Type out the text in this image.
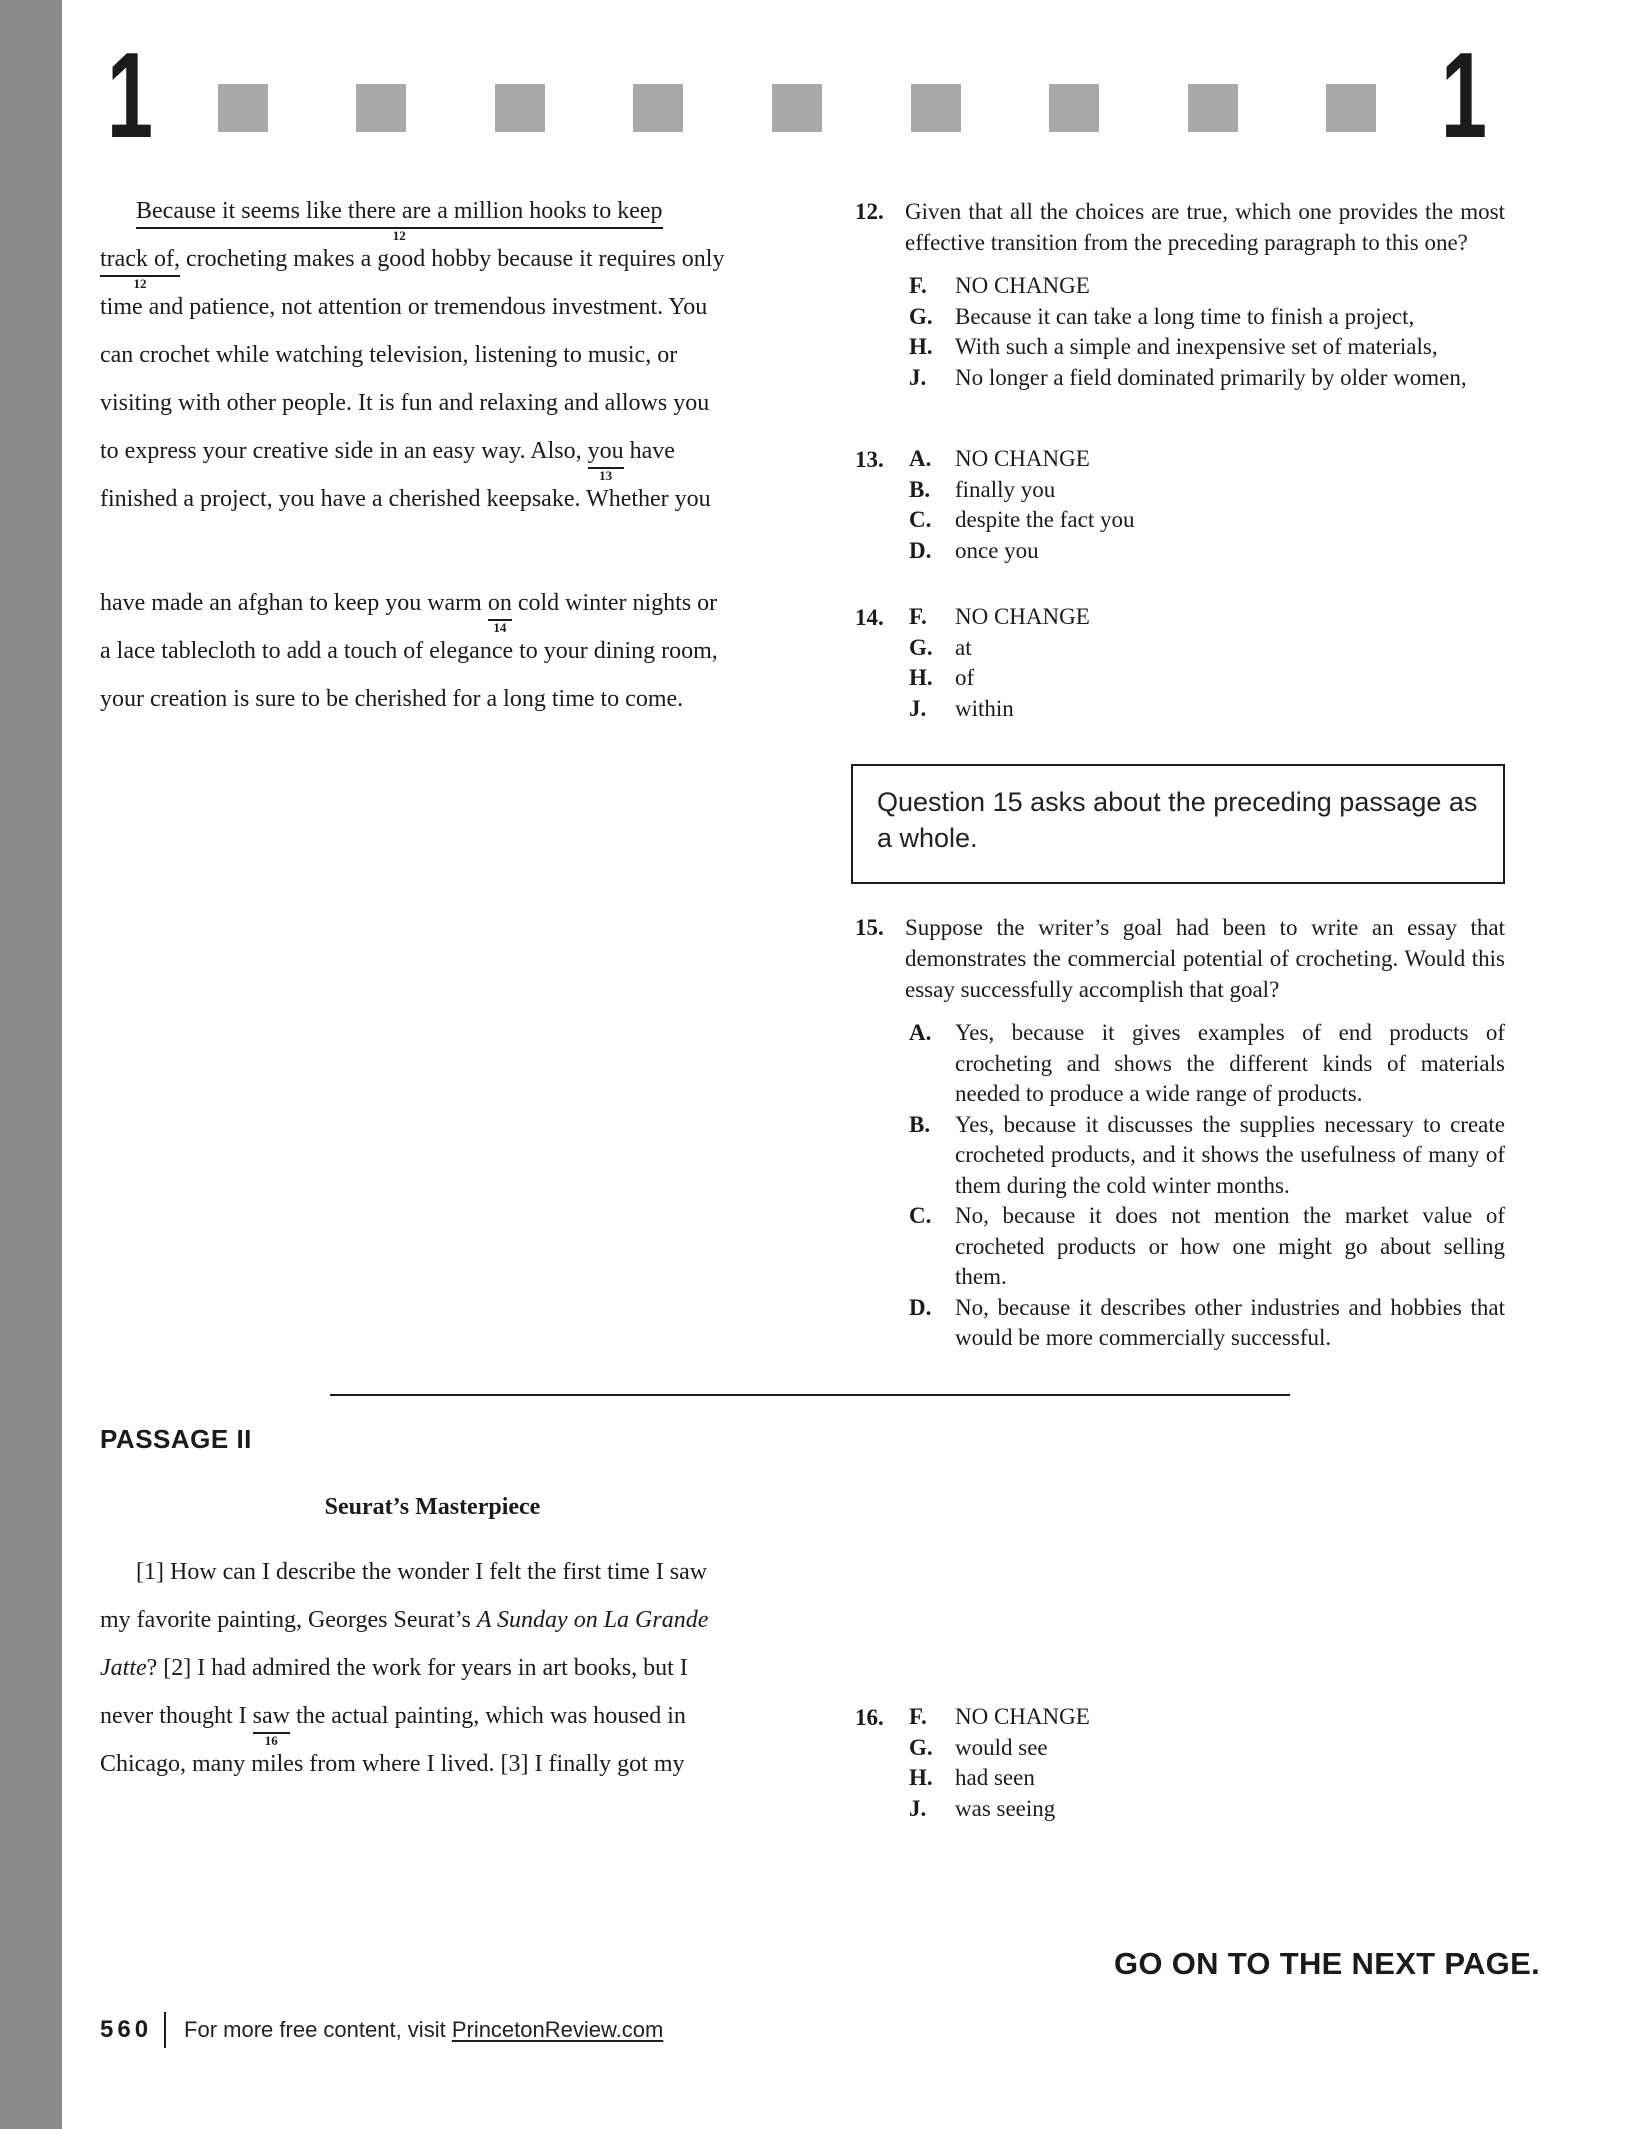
1	1
Because it seems like there are a million hooks to keep
12
track of,
12
crocheting makes a good hobby because it requires only
time and patience, not attention or tremendous investment. You
can crochet while watching television, listening to music, or
visiting with other people. It is fun and relaxing and allows you
to express your creative side in an easy way. Also, you
13
have
finished a project, you have a cherished keepsake. Whether you
have made an afghan to keep you warm on
14
cold winter nights or
a lace tablecloth to add a touch of elegance to your dining room,
your creation is sure to be cherished for a long time to come.
12. Given that all the choices are true, which one provides the most effective transition from the preceding paragraph to this one?
F.	NO CHANGE
G. Because it can take a long time to finish a project,
H. With such a simple and inexpensive set of materials,
J.	No longer a field dominated primarily by older women,
13.	A.	NO CHANGE
B.	finally you
C.	despite the fact you
D.	once you
14.	F.	NO CHANGE
G. at
H. of
J.	within
Question 15 asks about the preceding passage as a whole.
15. Suppose the writer’s goal had been to write an essay that demonstrates the commercial potential of crocheting. Would this essay successfully accomplish that goal?
A.	Yes, because it gives examples of end products of crocheting and shows the different kinds of materials needed to produce a wide range of products.
B.	Yes, because it discusses the supplies necessary to create crocheted products, and it shows the usefulness of many of them during the cold winter months.
C.	No, because it does not mention the market value of crocheted products or how one might go about selling them.
D.	No, because it describes other industries and hobbies that would be more commercially successful.
PASSAGE II
Seurat’s Masterpiece
[1] How can I describe the wonder I felt the first time I saw
my favorite painting, Georges Seurat’s A Sunday on La Grande
Jatte? [2] I had admired the work for years in art books, but I
never thought I saw
16
the actual painting, which was housed in
Chicago, many miles from where I lived. [3] I finally got my
16.	F.	NO CHANGE
G. would see
H. had seen
J.	was seeing
GO ON TO THE NEXT PAGE.
560 For more free content, visit PrincetonReview.com
